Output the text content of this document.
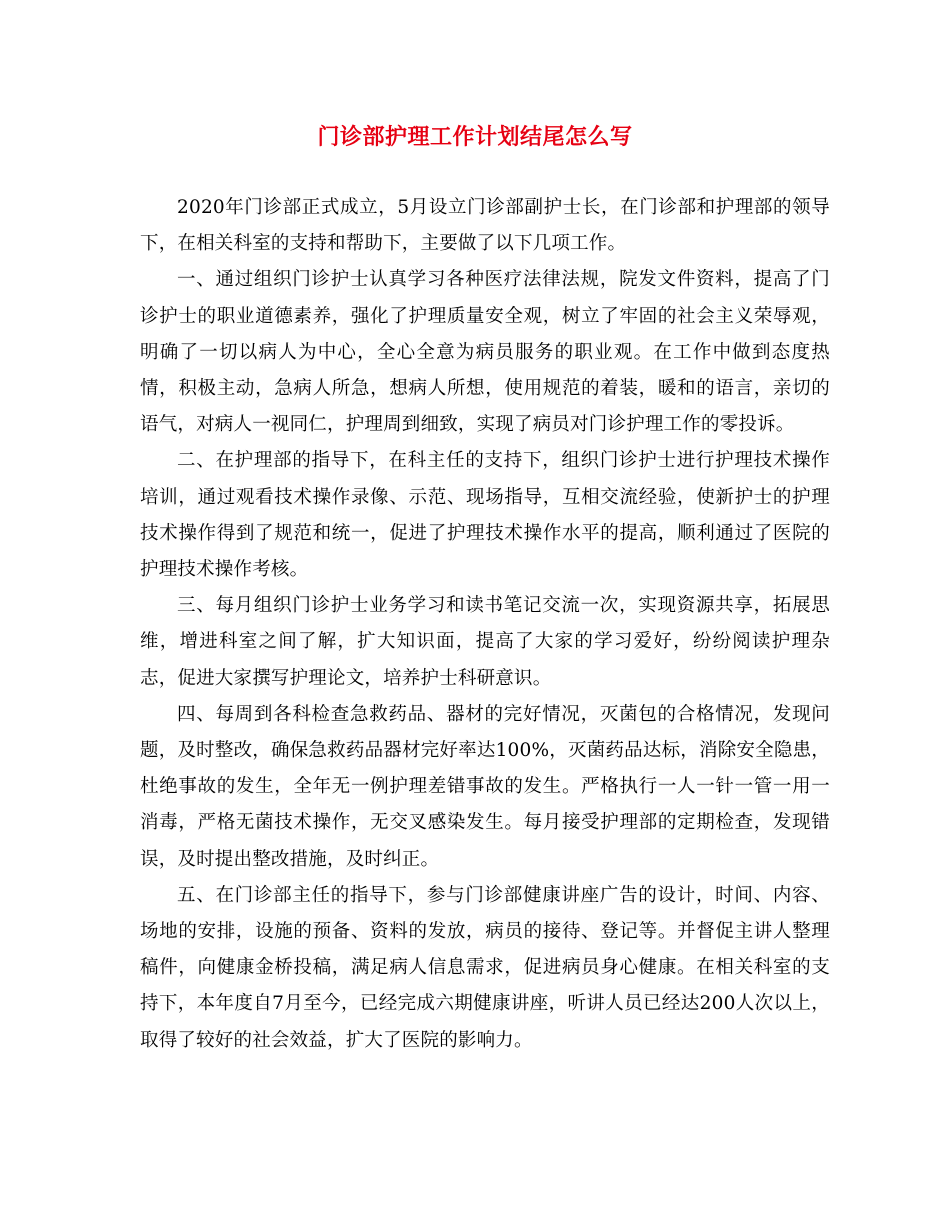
门诊部护理工作计划结尾怎么写

2020年门诊部正式成立，5月设立门诊部副护士长，在门诊部和护理部的领导下，在相关科室的支持和帮助下，主要做了以下几项工作。

一、通过组织门诊护士认真学习各种医疗法律法规，院发文件资料，提高了门诊护士的职业道德素养，强化了护理质量安全观，树立了牢固的社会主义荣辱观，明确了一切以病人为中心，全心全意为病员服务的职业观。在工作中做到态度热情，积极主动，急病人所急，想病人所想，使用规范的着装，暖和的语言，亲切的语气，对病人一视同仁，护理周到细致，实现了病员对门诊护理工作的零投诉。

二、在护理部的指导下，在科主任的支持下，组织门诊护士进行护理技术操作培训，通过观看技术操作录像、示范、现场指导，互相交流经验，使新护士的护理技术操作得到了规范和统一，促进了护理技术操作水平的提高，顺利通过了医院的护理技术操作考核。

三、每月组织门诊护士业务学习和读书笔记交流一次，实现资源共享，拓展思维，增进科室之间了解，扩大知识面，提高了大家的学习爱好，纷纷阅读护理杂志，促进大家撰写护理论文，培养护士科研意识。

四、每周到各科检查急救药品、器材的完好情况，灭菌包的合格情况，发现问题，及时整改，确保急救药品器材完好率达100%，灭菌药品达标，消除安全隐患，杜绝事故的发生，全年无一例护理差错事故的发生。严格执行一人一针一管一用一消毒，严格无菌技术操作，无交叉感染发生。每月接受护理部的定期检查，发现错误，及时提出整改措施，及时纠正。

五、在门诊部主任的指导下，参与门诊部健康讲座广告的设计，时间、内容、场地的安排，设施的预备、资料的发放，病员的接待、登记等。并督促主讲人整理稿件，向健康金桥投稿，满足病人信息需求，促进病员身心健康。在相关科室的支持下，本年度自7月至今，已经完成六期健康讲座，听讲人员已经达200人次以上，取得了较好的社会效益，扩大了医院的影响力。
